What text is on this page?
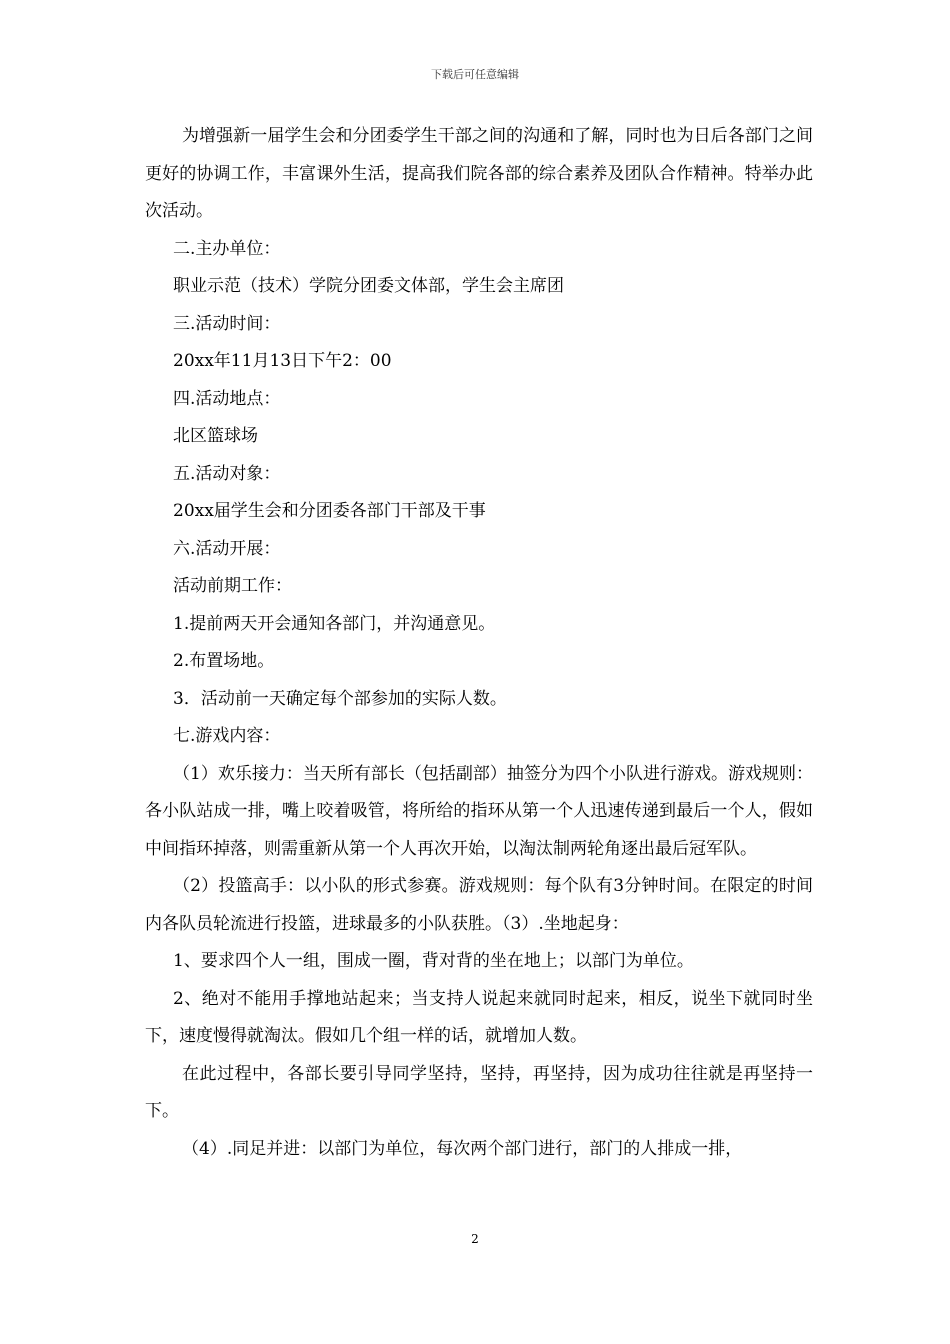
下载后可任意编辑

为增强新一届学生会和分团委学生干部之间的沟通和了解，同时也为日后各部门之间更好的协调工作，丰富课外生活，提高我们院各部的综合素养及团队合作精神。特举办此次活动。

二.主办单位：

职业示范（技术）学院分团委文体部，学生会主席团

三.活动时间：

20xx年11月13日下午2：00

四.活动地点：

北区篮球场

五.活动对象：

20xx届学生会和分团委各部门干部及干事

六.活动开展：

活动前期工作：

1.提前两天开会通知各部门，并沟通意见。

2.布置场地。

3．活动前一天确定每个部参加的实际人数。

七.游戏内容：

（1）欢乐接力：当天所有部长（包括副部）抽签分为四个小队进行游戏。游戏规则：各小队站成一排，嘴上咬着吸管，将所给的指环从第一个人迅速传递到最后一个人，假如中间指环掉落，则需重新从第一个人再次开始，以淘汰制两轮角逐出最后冠军队。

（2）投篮高手：以小队的形式参赛。游戏规则：每个队有3分钟时间。在限定的时间内各队员轮流进行投篮，进球最多的小队获胜。（3）.坐地起身：

1、要求四个人一组，围成一圈，背对背的坐在地上；以部门为单位。

2、绝对不能用手撑地站起来；当支持人说起来就同时起来，相反，说坐下就同时坐下，速度慢得就淘汰。假如几个组一样的话，就增加人数。

在此过程中，各部长要引导同学坚持，坚持，再坚持，因为成功往往就是再坚持一下。

（4）.同足并进：以部门为单位，每次两个部门进行，部门的人排成一排，

2
